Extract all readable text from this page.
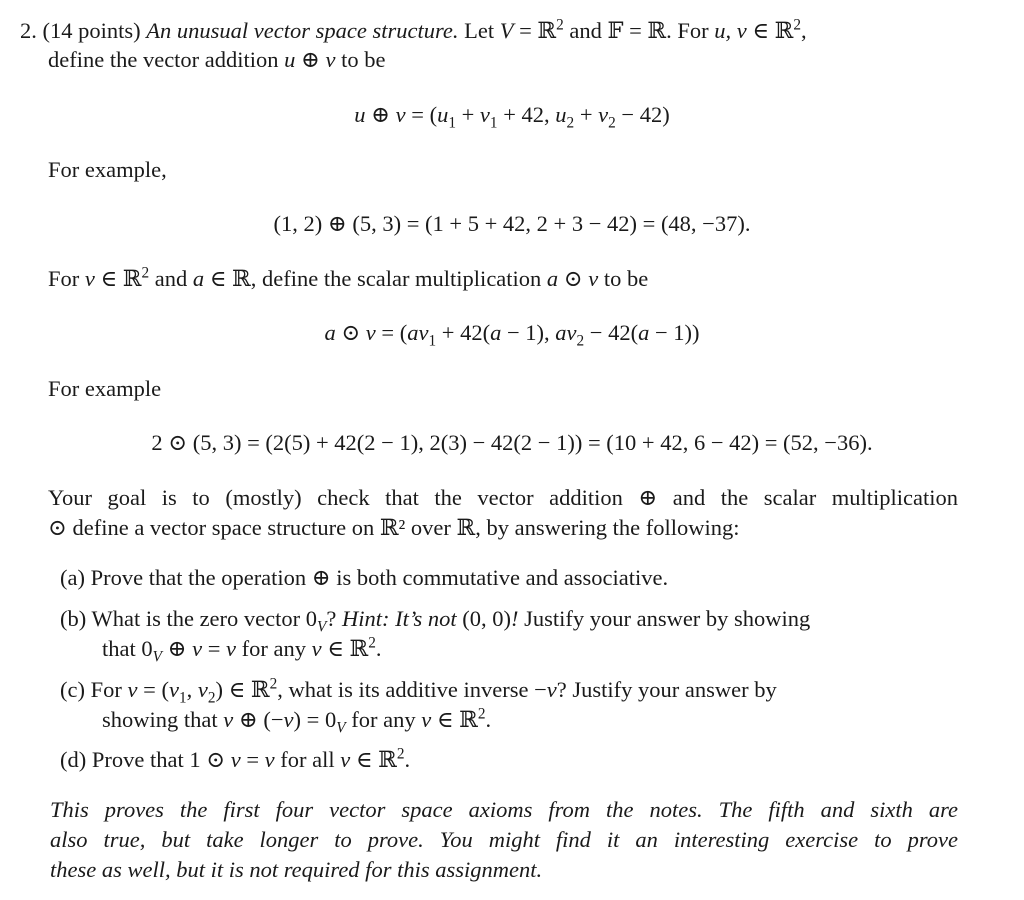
2. (14 points) An unusual vector space structure. Let V = ℝ$^2$ and 𝔽 = ℝ. For u, v ∈ ℝ$^2$,
define the vector addition u ⊕ v to be
u ⊕ $v = (u_1 + v_1 + 42$, $u_2 + v_2 - 42$)
For example,
(1, 2) ⊕ (5, 3) = (1 + 5 + 42, 2 + 3 − 42) = (48, −37).
For v ∈ ℝ$^2$ and a ∈ ℝ, define the scalar multiplication a ⊙ v to be
a ⊙ $v = (av_1 + 42(a - 1)$, $av_2 - 42(a - 1)$)
For example
2 ⊙ (5, 3) = (2(5) + 42(2 − 1), 2(3) − 42(2 − 1)) = (10 + 42, 6 − 42) = (52, −36).
Your goal is to (mostly) check that the vector addition ⊕ and the scalar multiplication
⊙ define a vector space structure on ℝ² over ℝ, by answering the following:
(a) Prove that the operation ⊕ is both commutative and associative.
(b) What is the zero vector $0_V$? Hint: It’s not (0, 0)! Justify your answer by showing
that $0_V$ ⊕ v = v for any v ∈ ℝ$^2$.
(c) For $v = (v_1$, $v_2$) ∈ ℝ$^2$, what is its additive inverse −v? Justify your answer by
showing that v ⊕ $(-v) = 0_V$ for any v ∈ ℝ$^2$.
(d) Prove that 1 ⊙ v = v for all v ∈ ℝ$^2$.
This proves the first four vector space axioms from the notes. The fifth and sixth are
also true, but take longer to prove. You might find it an interesting exercise to prove
these as well, but it is not required for this assignment.
